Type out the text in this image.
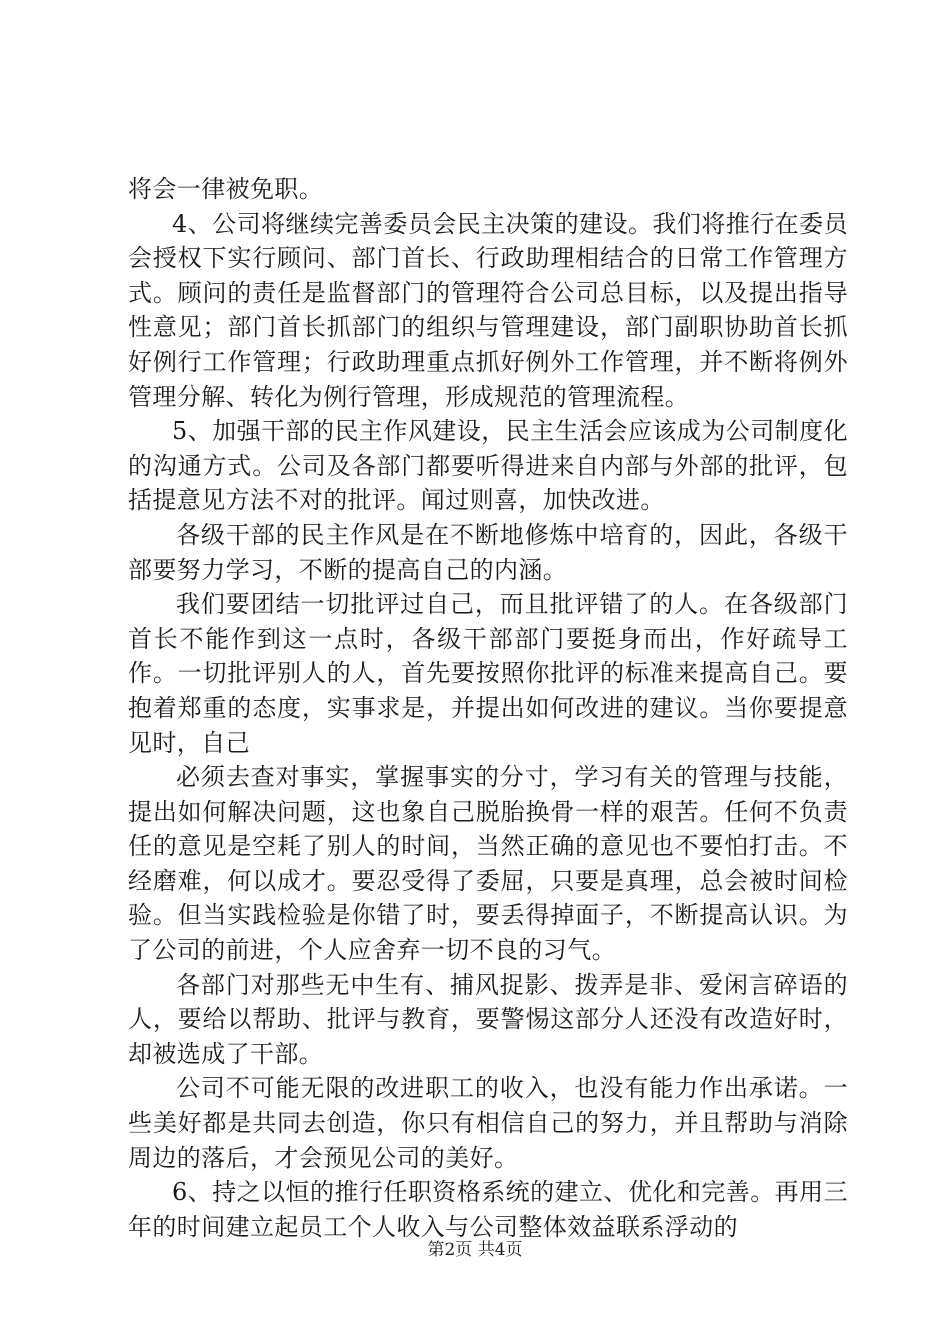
将会一律被免职。

4、公司将继续完善委员会民主决策的建设。我们将推行在委员会授权下实行顾问、部门首长、行政助理相结合的日常工作管理方式。顾问的责任是监督部门的管理符合公司总目标，以及提出指导性意见；部门首长抓部门的组织与管理建设，部门副职协助首长抓好例行工作管理；行政助理重点抓好例外工作管理，并不断将例外管理分解、转化为例行管理，形成规范的管理流程。

5、加强干部的民主作风建设，民主生活会应该成为公司制度化的沟通方式。公司及各部门都要听得进来自内部与外部的批评，包括提意见方法不对的批评。闻过则喜，加快改进。

各级干部的民主作风是在不断地修炼中培育的，因此，各级干部要努力学习，不断的提高自己的内涵。

我们要团结一切批评过自己，而且批评错了的人。在各级部门首长不能作到这一点时，各级干部部门要挺身而出，作好疏导工作。一切批评别人的人，首先要按照你批评的标准来提高自己。要抱着郑重的态度，实事求是，并提出如何改进的建议。当你要提意见时，自己

必须去查对事实，掌握事实的分寸，学习有关的管理与技能，提出如何解决问题，这也象自己脱胎换骨一样的艰苦。任何不负责任的意见是空耗了别人的时间，当然正确的意见也不要怕打击。不经磨难，何以成才。要忍受得了委屈，只要是真理，总会被时间检验。但当实践检验是你错了时，要丢得掉面子，不断提高认识。为了公司的前进，个人应舍弃一切不良的习气。

各部门对那些无中生有、捕风捉影、拨弄是非、爱闲言碎语的人，要给以帮助、批评与教育，要警惕这部分人还没有改造好时，却被选成了干部。

公司不可能无限的改进职工的收入，也没有能力作出承诺。一些美好都是共同去创造，你只有相信自己的努力，并且帮助与消除周边的落后，才会预见公司的美好。

6、持之以恒的推行任职资格系统的建立、优化和完善。再用三年的时间建立起员工个人收入与公司整体效益联系浮动的

第2页 共4页
